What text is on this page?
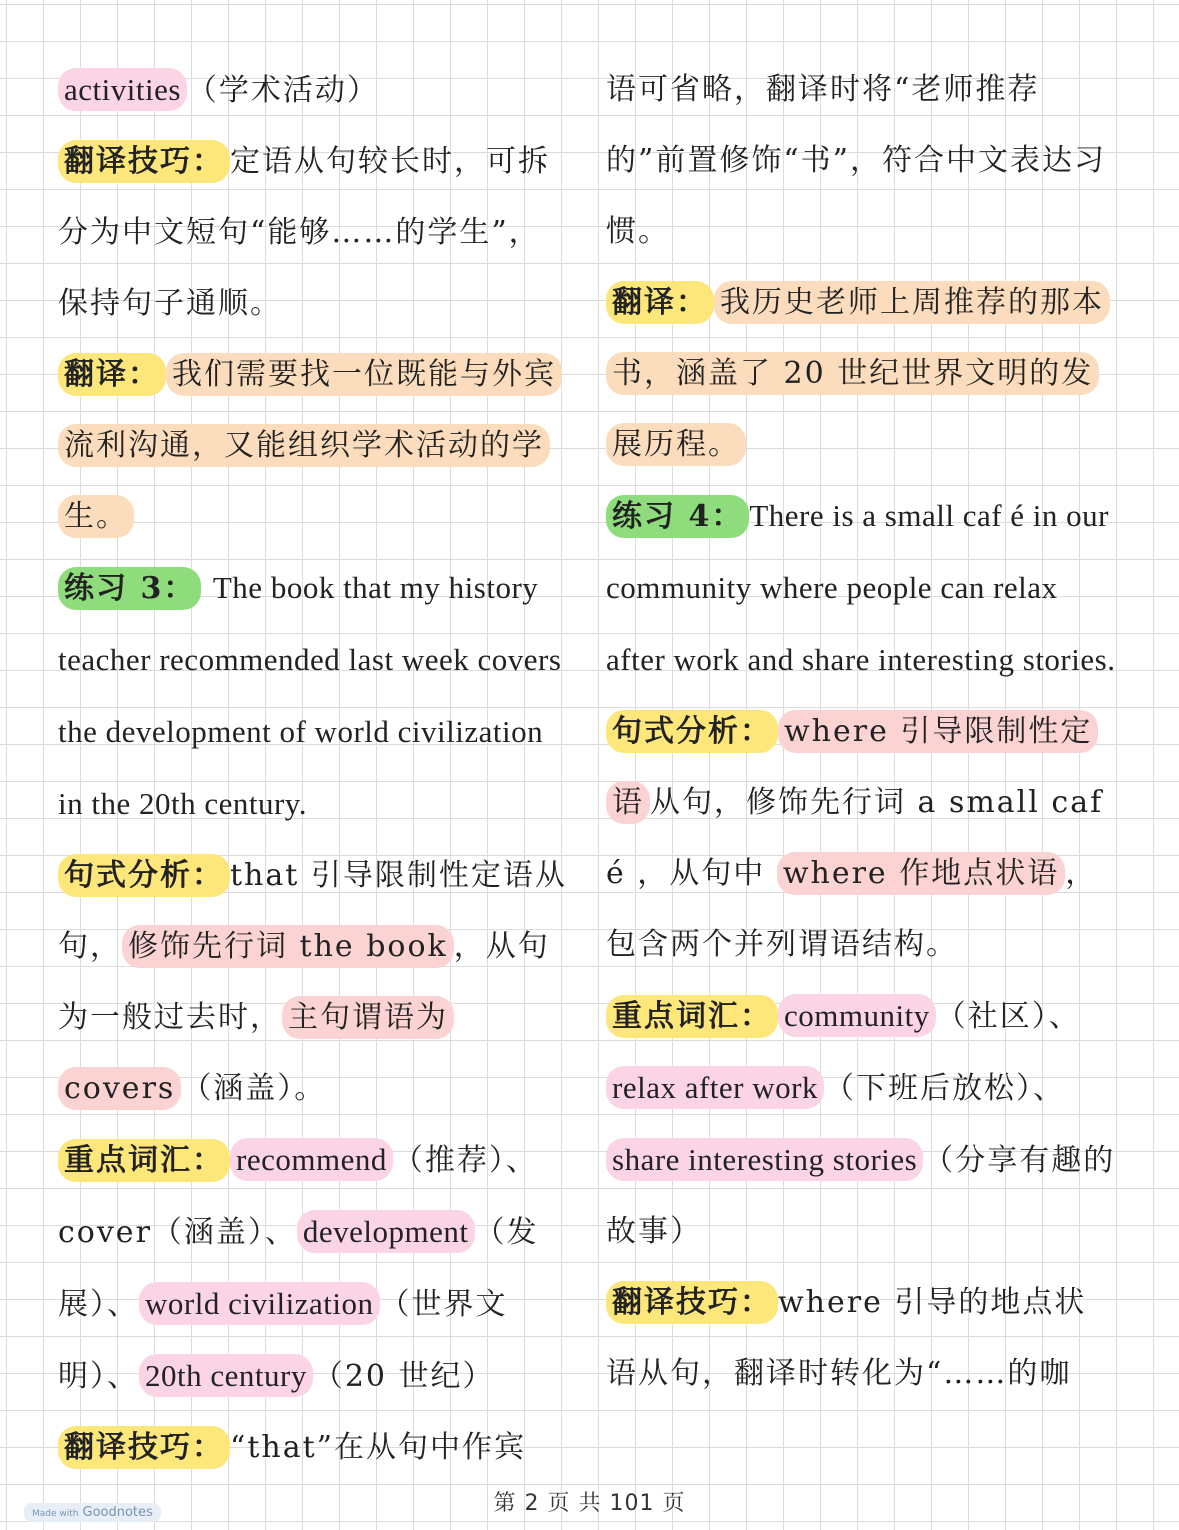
activities （学术活动）

翻译技巧： 定语从句较长时，可拆分为中文短句“能够……的学生”，保持句子通顺。

翻译： 我们需要找一位既能与外宾流利沟通，又能组织学术活动的学生。

练习 3： The book that my history teacher recommended last week covers the development of world civilization in the 20th century.

句式分析： that 引导限制性定语从句， 修饰先行词 the book ，从句为一般过去时， 主句谓语为 covers （涵盖）。

重点词汇： recommend （推荐）、cover（涵盖）、 development （发展）、 world civilization （世界文明）、 20th century （20 世纪）

翻译技巧： “that”在从句中作宾

语可省略，翻译时将“老师推荐的”前置修饰“书”，符合中文表达习惯。

翻译： 我历史老师上周推荐的那本书，涵盖了 20 世纪世界文明的发展历程。

练习 4： There is a small caf é in our community where people can relax after work and share interesting stories.

句式分析： where 引导限制性定语 从句，修饰先行词 a small caf é ，从句中 where 作地点状语 ，包含两个并列谓语结构。

重点词汇： community （社区）、relax after work （下班后放松）、share interesting stories （分享有趣的故事）

翻译技巧： where 引导的地点状语从句，翻译时转化为“……的咖

第 2 页 共 101 页
Made with Goodnotes
